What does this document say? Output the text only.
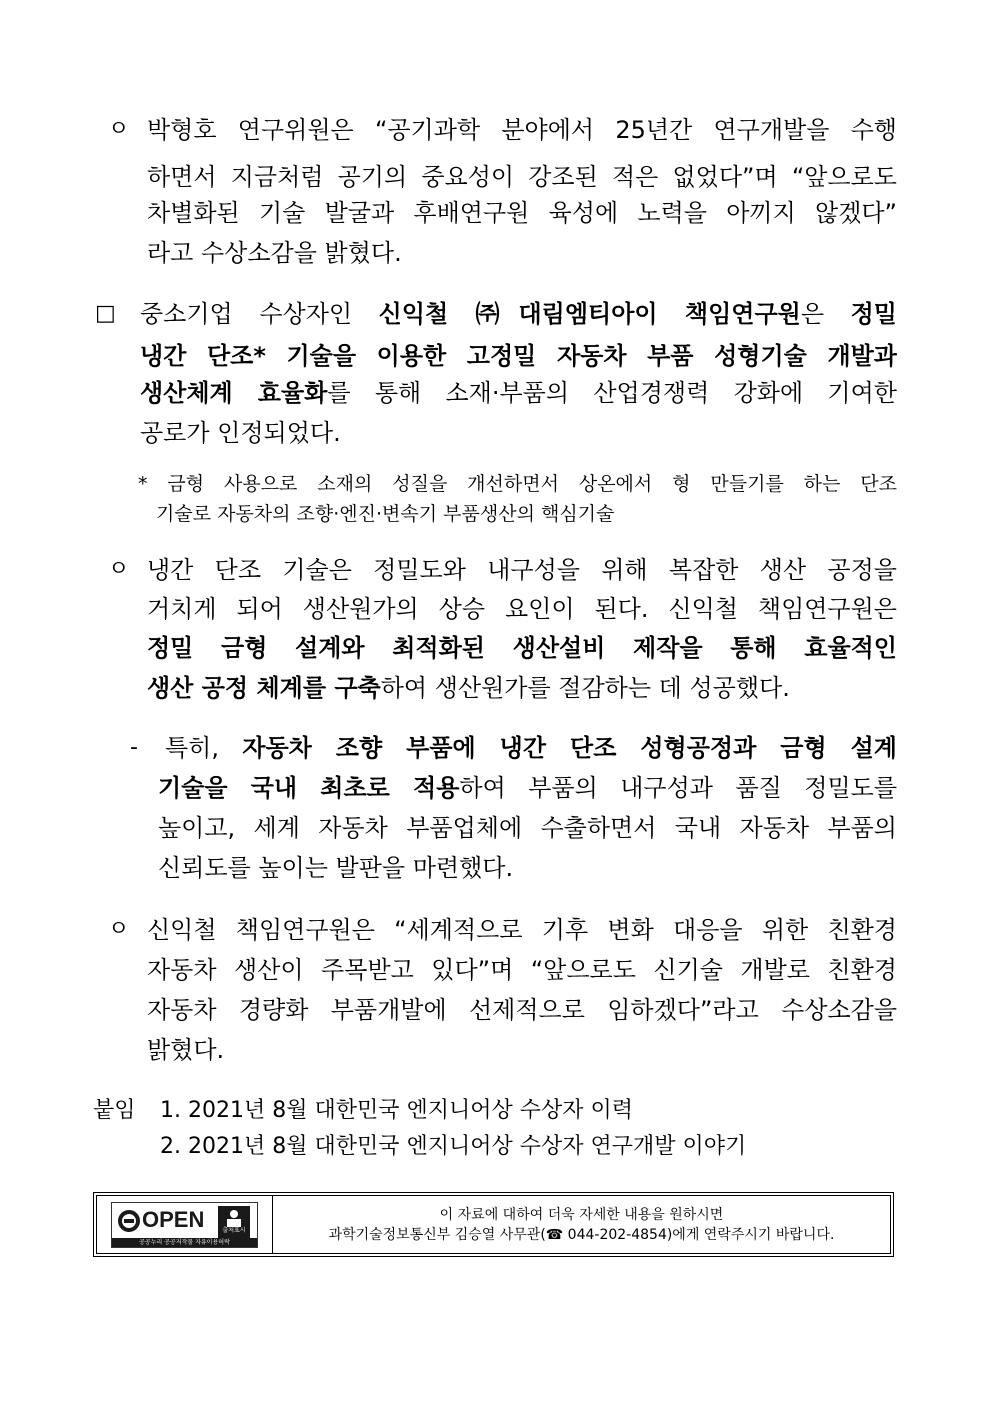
ㅇ 박형호 연구위원은 “공기과학 분야에서 25년간 연구개발을 수행
하면서 지금처럼 공기의 중요성이 강조된 적은 없었다”며 “앞으로도
차별화된 기술 발굴과 후배연구원 육성에 노력을 아끼지 않겠다”
라고 수상소감을 밝혔다.
□ 중소기업 수상자인 신익철 ㈜대림엠티아이 책임연구원은 정밀
냉간 단조* 기술을 이용한 고정밀 자동차 부품 성형기술 개발과
생산체계 효율화를 통해 소재·부품의 산업경쟁력 강화에 기여한
공로가 인정되었다.
* 금형 사용으로 소재의 성질을 개선하면서 상온에서 형 만들기를 하는 단조
기술로 자동차의 조향·엔진·변속기 부품생산의 핵심기술
ㅇ 냉간 단조 기술은 정밀도와 내구성을 위해 복잡한 생산 공정을
거치게 되어 생산원가의 상승 요인이 된다. 신익철 책임연구원은
정밀 금형 설계와 최적화된 생산설비 제작을 통해 효율적인
생산 공정 체계를 구축하여 생산원가를 절감하는 데 성공했다.
- 특히, 자동차 조향 부품에 냉간 단조 성형공정과 금형 설계
기술을 국내 최초로 적용하여 부품의 내구성과 품질 정밀도를
높이고, 세계 자동차 부품업체에 수출하면서 국내 자동차 부품의
신뢰도를 높이는 발판을 마련했다.
ㅇ 신익철 책임연구원은 “세계적으로 기후 변화 대응을 위한 친환경
자동차 생산이 주목받고 있다”며 “앞으로도 신기술 개발로 친환경
자동차 경량화 부품개발에 선제적으로 임하겠다”라고 수상소감을
밝혔다.
붙임 1. 2021년 8월 대한민국 엔지니어상 수상자 이력
2. 2021년 8월 대한민국 엔지니어상 수상자 연구개발 이야기
OPEN	출처표시
공공누리 공공저작물 자유이용허락
이 자료에 대하여 더욱 자세한 내용을 원하시면
과학기술정보통신부 김승열 사무관(☎ 044-202-4854)에게 연락주시기 바랍니다.
